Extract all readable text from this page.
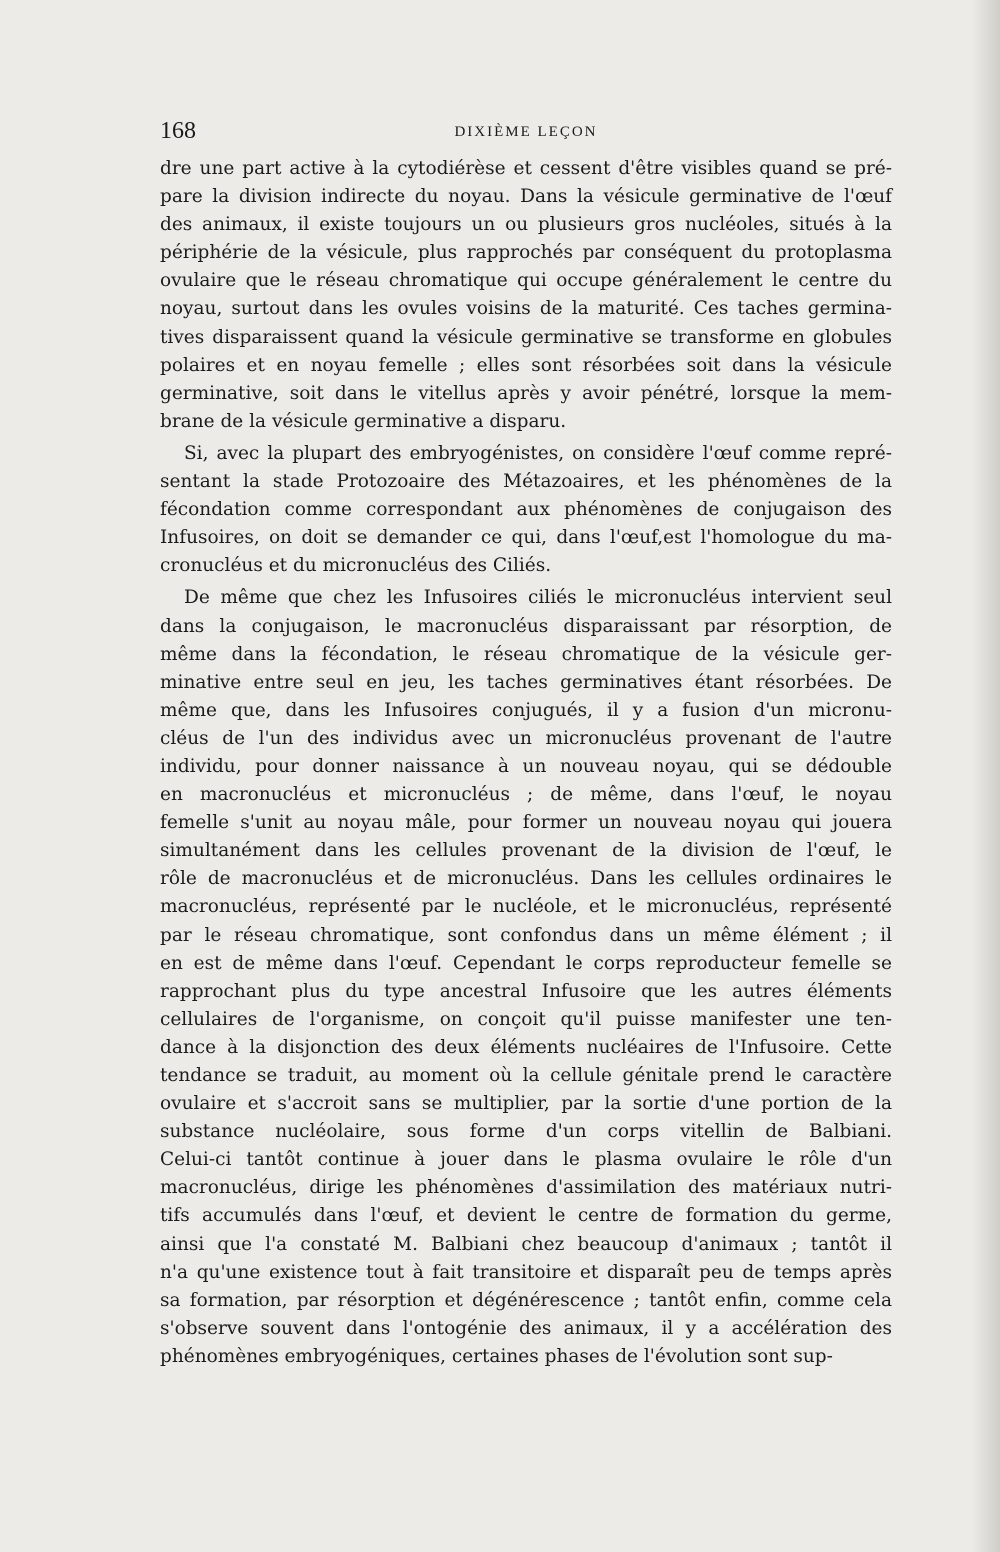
168	DIXIÈME LEÇON
dre une part active à la cytodiérèse et cessent d'être visibles quand se pré-
pare la division indirecte du noyau. Dans la vésicule germinative de l'œuf
des animaux, il existe toujours un ou plusieurs gros nucléoles, situés à la
périphérie de la vésicule, plus rapprochés par conséquent du protoplasma
ovulaire que le réseau chromatique qui occupe généralement le centre du
noyau, surtout dans les ovules voisins de la maturité. Ces taches germina-
tives disparaissent quand la vésicule germinative se transforme en globules
polaires et en noyau femelle ; elles sont résorbées soit dans la vésicule
germinative, soit dans le vitellus après y avoir pénétré, lorsque la mem-
brane de la vésicule germinative a disparu.
Si, avec la plupart des embryogénistes, on considère l'œuf comme repré-
sentant la stade Protozoaire des Métazoaires, et les phénomènes de la
fécondation comme correspondant aux phénomènes de conjugaison des
Infusoires, on doit se demander ce qui, dans l'œuf,est l'homologue du ma-
cronucléus et du micronucléus des Ciliés.
De même que chez les Infusoires ciliés le micronucléus intervient seul
dans la conjugaison, le macronucléus disparaissant par résorption, de
même dans la fécondation, le réseau chromatique de la vésicule ger-
minative entre seul en jeu, les taches germinatives étant résorbées. De
même que, dans les Infusoires conjugués, il y a fusion d'un micronu-
cléus de l'un des individus avec un micronucléus provenant de l'autre
individu, pour donner naissance à un nouveau noyau, qui se dédouble
en macronucléus et micronucléus ; de même, dans l'œuf, le noyau
femelle s'unit au noyau mâle, pour former un nouveau noyau qui jouera
simultanément dans les cellules provenant de la division de l'œuf, le
rôle de macronucléus et de micronucléus. Dans les cellules ordinaires le
macronucléus, représenté par le nucléole, et le micronucléus, représenté
par le réseau chromatique, sont confondus dans un même élément ; il
en est de même dans l'œuf. Cependant le corps reproducteur femelle se
rapprochant plus du type ancestral Infusoire que les autres éléments
cellulaires de l'organisme, on conçoit qu'il puisse manifester une ten-
dance à la disjonction des deux éléments nucléaires de l'Infusoire. Cette
tendance se traduit, au moment où la cellule génitale prend le caractère
ovulaire et s'accroit sans se multiplier, par la sortie d'une portion de la
substance nucléolaire, sous forme d'un corps vitellin de Balbiani.
Celui-ci tantôt continue à jouer dans le plasma ovulaire le rôle d'un
macronucléus, dirige les phénomènes d'assimilation des matériaux nutri-
tifs accumulés dans l'œuf, et devient le centre de formation du germe,
ainsi que l'a constaté M. Balbiani chez beaucoup d'animaux ; tantôt il
n'a qu'une existence tout à fait transitoire et disparaît peu de temps après
sa formation, par résorption et dégénérescence ; tantôt enfin, comme cela
s'observe souvent dans l'ontogénie des animaux, il y a accélération des
phénomènes embryogéniques, certaines phases de l'évolution sont sup-
